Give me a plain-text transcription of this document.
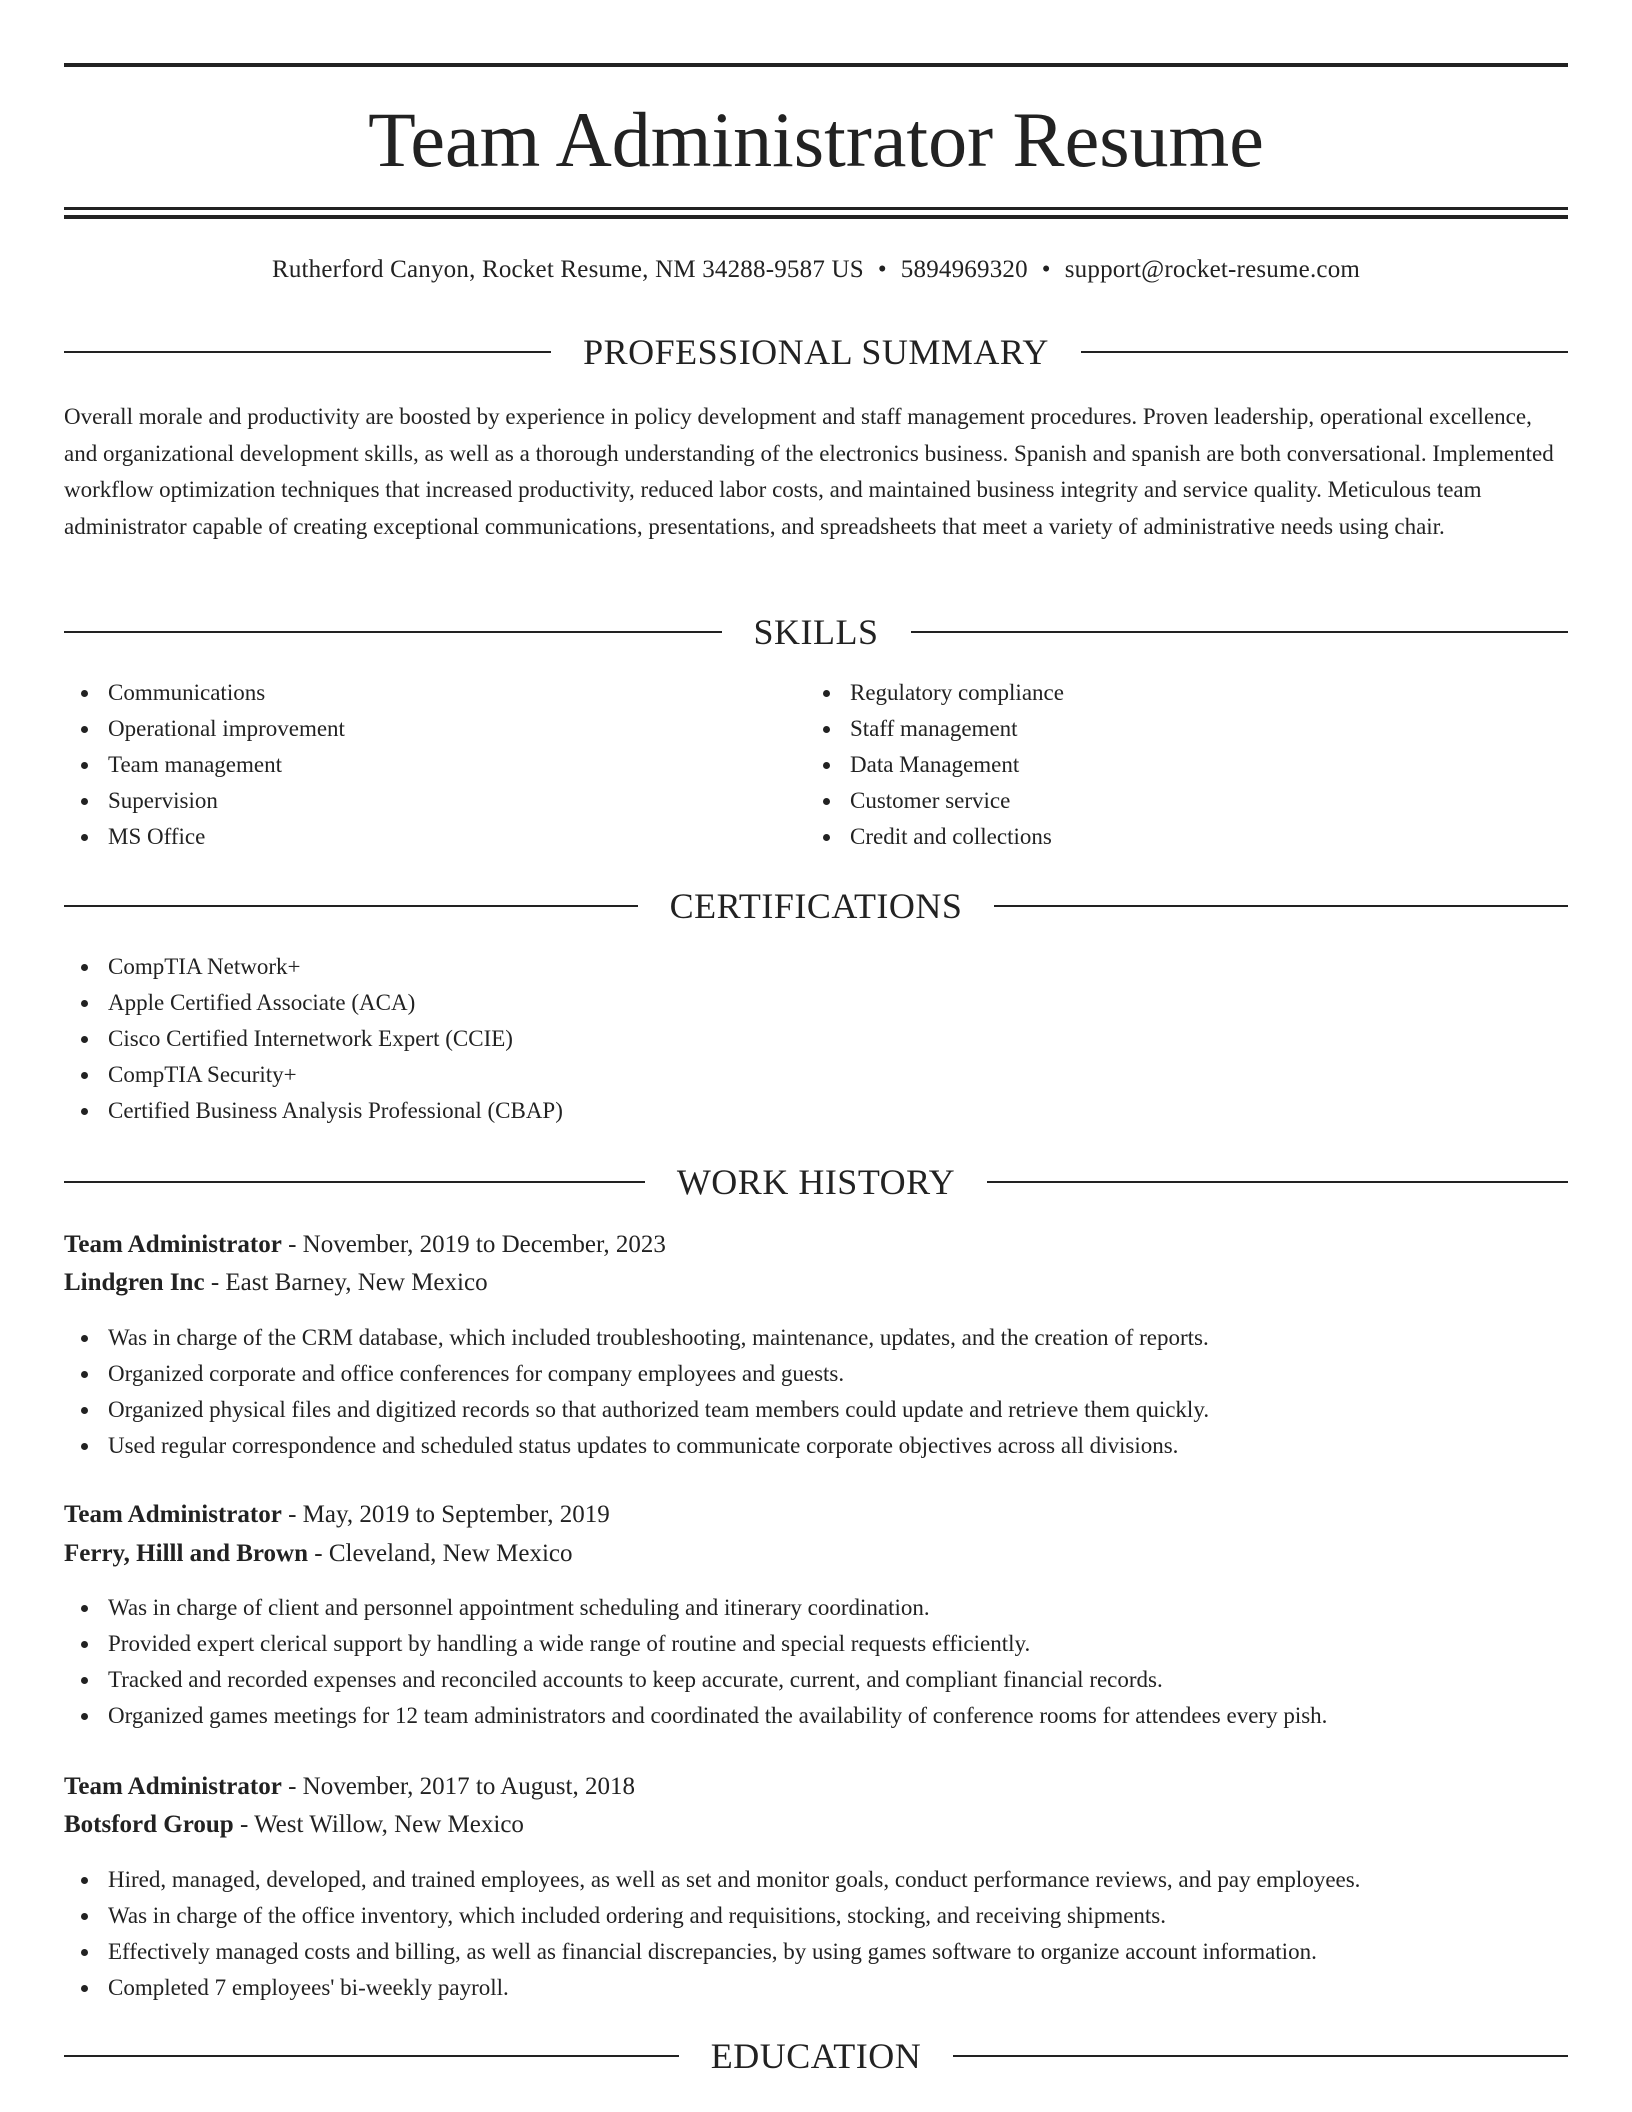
Team Administrator Resume
Rutherford Canyon, Rocket Resume, NM 34288-9587 US • 5894969320 • support@rocket-resume.com
PROFESSIONAL SUMMARY
Overall morale and productivity are boosted by experience in policy development and staff management procedures. Proven leadership, operational excellence, and organizational development skills, as well as a thorough understanding of the electronics business. Spanish and spanish are both conversational. Implemented workflow optimization techniques that increased productivity, reduced labor costs, and maintained business integrity and service quality. Meticulous team administrator capable of creating exceptional communications, presentations, and spreadsheets that meet a variety of administrative needs using chair.
SKILLS
Communications
Operational improvement
Team management
Supervision
MS Office
Regulatory compliance
Staff management
Data Management
Customer service
Credit and collections
CERTIFICATIONS
CompTIA Network+
Apple Certified Associate (ACA)
Cisco Certified Internetwork Expert (CCIE)
CompTIA Security+
Certified Business Analysis Professional (CBAP)
WORK HISTORY
Team Administrator - November, 2019 to December, 2023
Lindgren Inc - East Barney, New Mexico
Was in charge of the CRM database, which included troubleshooting, maintenance, updates, and the creation of reports.
Organized corporate and office conferences for company employees and guests.
Organized physical files and digitized records so that authorized team members could update and retrieve them quickly.
Used regular correspondence and scheduled status updates to communicate corporate objectives across all divisions.
Team Administrator - May, 2019 to September, 2019
Ferry, Hilll and Brown - Cleveland, New Mexico
Was in charge of client and personnel appointment scheduling and itinerary coordination.
Provided expert clerical support by handling a wide range of routine and special requests efficiently.
Tracked and recorded expenses and reconciled accounts to keep accurate, current, and compliant financial records.
Organized games meetings for 12 team administrators and coordinated the availability of conference rooms for attendees every pish.
Team Administrator - November, 2017 to August, 2018
Botsford Group - West Willow, New Mexico
Hired, managed, developed, and trained employees, as well as set and monitor goals, conduct performance reviews, and pay employees.
Was in charge of the office inventory, which included ordering and requisitions, stocking, and receiving shipments.
Effectively managed costs and billing, as well as financial discrepancies, by using games software to organize account information.
Completed 7 employees' bi-weekly payroll.
EDUCATION
